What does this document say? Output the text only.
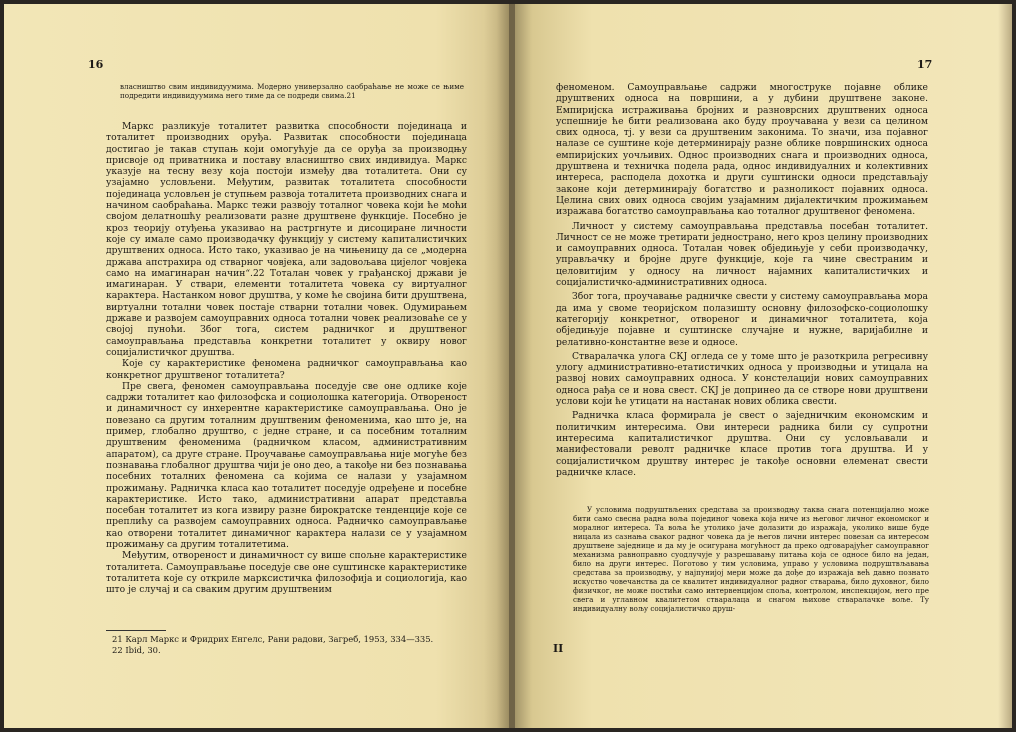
16

власништво свим индивидуумима. Модерно универзално саобраћање не може се њиме подредити индивидуумима него тиме да се подреди свима.21

Маркс разликује тоталитет развитка способности појединаца и тоталитет производних оруђа. Развитак способности појединаца достигао је такав ступањ који омогућује да се оруђа за производњу присвоје од приватника и поставу власништво свих индивидуа. Маркс указује на тесну везу која постоји између два тоталитета. Они су узајамно условљени. Међутим, развитак тоталитета способности појединаца условљен је ступњем развоја тоталитета производних снага и начином саобраћања. Маркс тежи развоју тоталног човека који ће моћи својом делатношћу реализовати разне друштвене функције. Посебно је кроз теорију отуђења указивао на растргнуте и дисоциране личности које су имале само производачку функцију у систему капиталистичких друштвених односа. Исто тако, указивао је на чињеницу да се „модерна држава апстрахира од стварног човјека, али задовољава цијелог човјека само на имагинаран начин“.22 Тоталан човек у грађанској држави је имагинаран. У ствари, елементи тоталитета човека су виртуалног карактера. Настанком новог друштва, у коме ће својина бити друштвена, виртуални тотални човек постаје стварни тотални човек. Одумирањем државе и развојем самоуправних односа тотални човек реализоваће се у својој пуноћи. Због тога, систем радничког и друштвеног самоуправљања представља конкретни тоталитет у оквиру новог социјалистичког друштва.

Које су карактеристике феномена радничког самоуправљања као конкретног друштвеног тоталитета?

Пре свега, феномен самоуправљања поседује све оне одлике које садржи тоталитет као филозофска и социолошка категорија. Отвореност и динамичност су инхерентне карактеристике самоуправљања. Оно је повезано са другим тоталним друштвеним феноменима, као што је, на пример, глобално друштво, с једне стране, и са посебним тоталним друштвеним феноменима (радничком класом, административним апаратом), са друге стране. Проучавање самоуправљања није могуће без познавања глобалног друштва чији је оно део, а такође ни без познавања посебних тоталних феномена са којима се налази у узајамном прожимању. Радничка класа као тоталитет поседује одређене и посебне карактеристике. Исто тако, административни апарат представља посебан тоталитет из кога извиру разне бирократске тенденције које се преплићу са развојем самоуправних односа. Радничко самоуправљање као отворени тоталитет динамичног карактера налази се у узајамном прожимању са другим тоталитетима.

Међутим, отвореност и динамичност су више спољне карактеристике тоталитета. Самоуправљање поседује све оне суштинске карактеристике тоталитета које су откриле марксистичка филозофија и социологија, као што је случај и са сваким другим друштвеним

21 Карл Маркс и Фридрих Енгелс, Рани радови, Загреб, 1953, 334—335.
22 Ibid, 30.
17

феноменом. Самоуправљање садржи многоструке појавне облике друштвених односа на површини, а у дубини друштвене законе. Емпиријска истраживања бројних и разноврсних друштвених односа успешније ће бити реализована ако буду проучавана у вези са целином свих односа, тј. у вези са друштвеним законима. То значи, иза појавног налазе се суштине које детерминирају разне облике површинских односа емпиријских уочљивих. Однос производних снага и производних односа, друштвена и техничка подела рада, однос индивидуалних и колективних интереса, расподела дохотка и други суштински односи представљају законе који детерминирају богатство и разноликост појавних односа. Целина свих ових односа својим узајамним дијалектичким прожимањем изражава богатство самоуправљања као тоталног друштвеног феномена.

Личност у систему самоуправљања представља посебан тоталитет. Личност се не може третирати једнострано, него кроз целину производних и самоуправних односа. Тоталан човек обједињује у себи производачку, управљачку и бројне друге функције, које га чине свестраним и целовитијим у односу на личност најамних капиталистичких и социјалистичко-административних односа.

Због тога, проучавање радничке свести у систему самоуправљања мора да има у своме теоријском полазишту основну филозофско-социолошку категорију конкретног, отвореног и динамичног тоталитета, која обједињује појавне и суштинске случајне и нужне, варијабилне и релативно-константне везе и односе.

Стваралачка улога СКЈ огледа се у томе што је разоткрила регресивну улогу административно-етатистичких односа у производњи и утицала на развој нових самоуправних односа. У констелацији нових самоуправних односа рађа се и нова свест. СКЈ је допринео да се створе нови друштвени услови који ће утицати на настанак нових облика свести.

Радничка класа формирала је свест о заједничким економским и политичким интересима. Ови интереси радника били су супротни интересима капиталистичког друштва. Они су условљавали и манифестовали револт радничке класе против тога друштва. И у социјалистичком друштву интерес је такође основни елеменат свести радничке класе.

У условима подруштвљених средстава за производњу таква снага потенцијално може бити само свесна радна воља појединог човека која ниче из његовог личног економског и моралног интереса. Та воља ће утолико јаче долазити до изражаја, уколико више буде ницала из сазнања сваког радног човека да је његов лични интерес повезан са интересом друштвене заједнице и да му је осигурана могућност да преко одговарајућег самоуправног механизма равноправно суодлучује у разрешавању питања која се односе било на један, било на други интерес. Поготово у тим условима, управо у условима подруштвљавања средстава за производњу, у најпунијој мери може да дође до изражаја већ давно познато искуство човечанства да се квалитет индивидуалног радног стварања, било духовног, било физичког, не може постићи само интервенцијом споља, контролом, инспекцијом, него пре свега и углавном квалитетом стваралаца и снагом њихове стваралачке воље. Ту индивидуалну вољу социјалистичко друш-

II
